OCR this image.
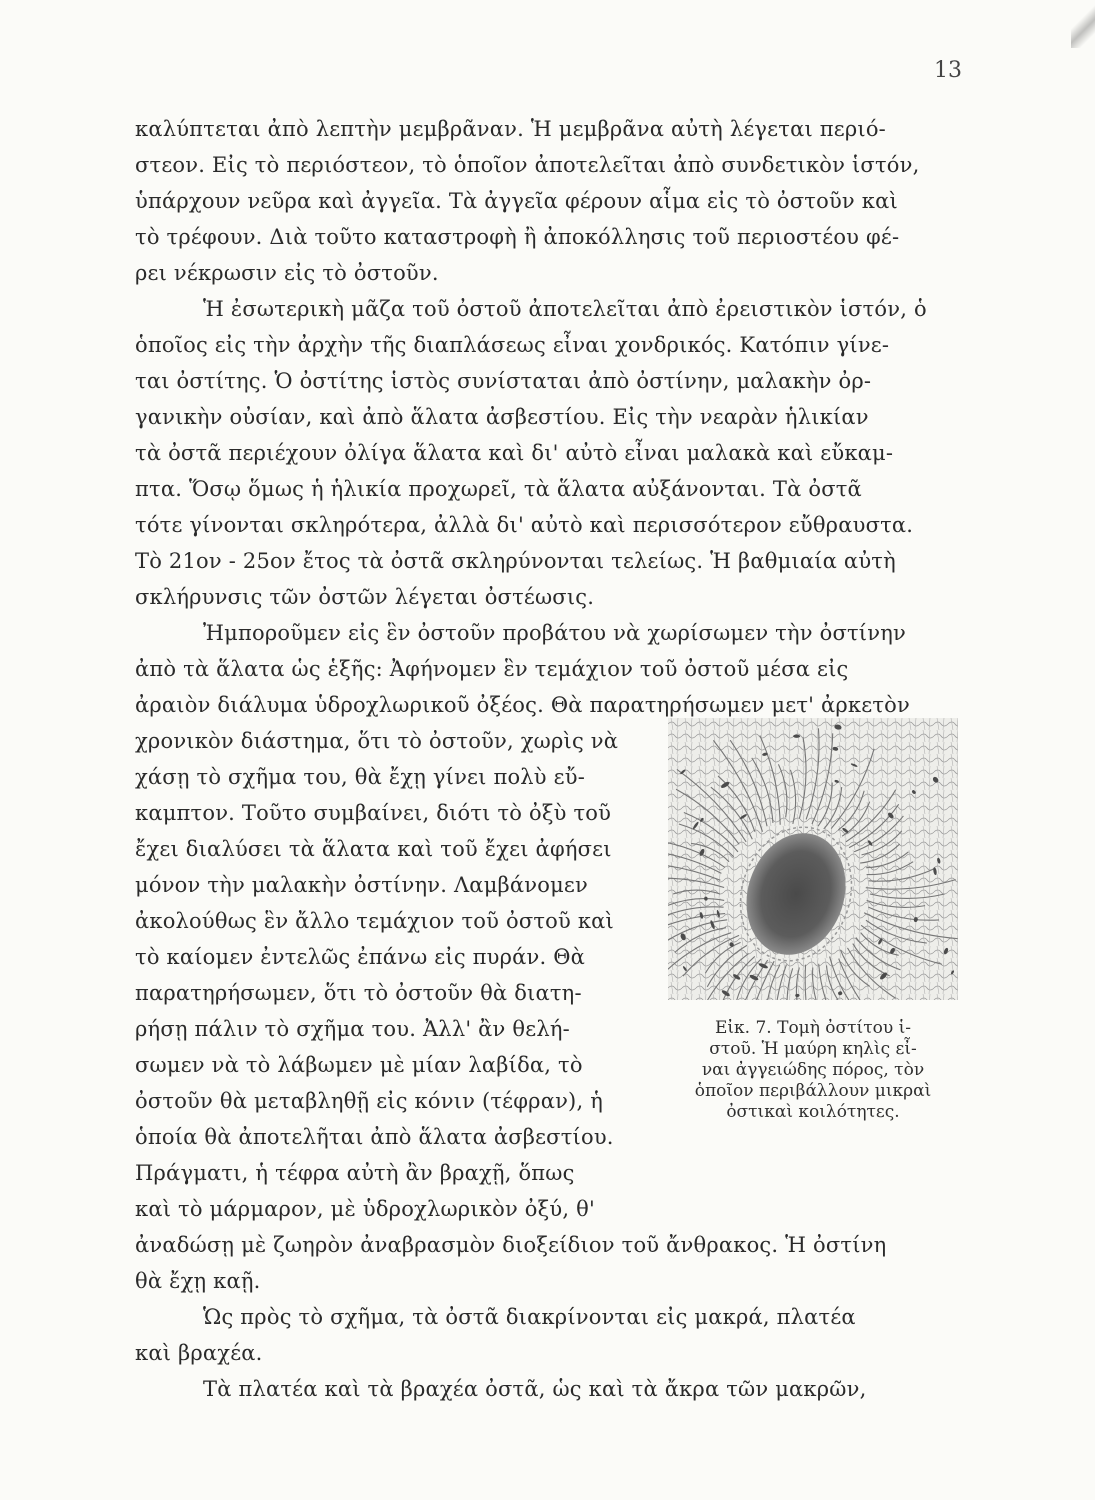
13
καλύπτεται ἀπὸ λεπτὴν μεμβρᾶναν. Ἡ μεμβρᾶνα αὐτὴ λέγεται περιό-
στεον. Εἰς τὸ περιόστεον, τὸ ὁποῖον ἀποτελεῖται ἀπὸ συνδετικὸν ἱστόν,
ὑπάρχουν νεῦρα καὶ ἀγγεῖα. Τὰ ἀγγεῖα φέρουν αἷμα εἰς τὸ ὀστοῦν καὶ
τὸ τρέφουν. Διὰ τοῦτο καταστροφὴ ἢ ἀποκόλλησις τοῦ περιοστέου φέ-
ρει νέκρωσιν εἰς τὸ ὀστοῦν.
Ἡ ἐσωτερικὴ μᾶζα τοῦ ὀστοῦ ἀποτελεῖται ἀπὸ ἐρειστικὸν ἱστόν, ὁ
ὁποῖος εἰς τὴν ἀρχὴν τῆς διαπλάσεως εἶναι χονδρικός. Κατόπιν γίνε-
ται ὀστίτης. Ὁ ὀστίτης ἱστὸς συνίσταται ἀπὸ ὀστίνην, μαλακὴν ὀρ-
γανικὴν οὐσίαν, καὶ ἀπὸ ἅλατα ἀσβεστίου. Εἰς τὴν νεαρὰν ἡλικίαν
τὰ ὀστᾶ περιέχουν ὀλίγα ἅλατα καὶ δι' αὐτὸ εἶναι μαλακὰ καὶ εὔκαμ-
πτα. Ὅσῳ ὅμως ἡ ἡλικία προχωρεῖ, τὰ ἅλατα αὐξάνονται. Τὰ ὀστᾶ
τότε γίνονται σκληρότερα, ἀλλὰ δι' αὐτὸ καὶ περισσότερον εὔθραυστα.
Τὸ 21ον - 25ον ἔτος τὰ ὀστᾶ σκληρύνονται τελείως. Ἡ βαθμιαία αὐτὴ
σκλήρυνσις τῶν ὀστῶν λέγεται ὀστέωσις.
Ἠμποροῦμεν εἰς ἓν ὀστοῦν προβάτου νὰ χωρίσωμεν τὴν ὀστίνην
ἀπὸ τὰ ἅλατα ὡς ἑξῆς: Ἀφήνομεν ἓν τεμάχιον τοῦ ὀστοῦ μέσα εἰς
ἀραιὸν διάλυμα ὑδροχλωρικοῦ ὀξέος. Θὰ παρατηρήσωμεν μετ' ἀρκετὸν
χρονικὸν διάστημα, ὅτι τὸ ὀστοῦν, χωρὶς νὰ
χάσῃ τὸ σχῆμα του, θὰ ἔχῃ γίνει πολὺ εὔ-
καμπτον. Τοῦτο συμβαίνει, διότι τὸ ὀξὺ τοῦ
ἔχει διαλύσει τὰ ἅλατα καὶ τοῦ ἔχει ἀφήσει
μόνον τὴν μαλακὴν ὀστίνην. Λαμβάνομεν
ἀκολούθως ἓν ἄλλο τεμάχιον τοῦ ὀστοῦ καὶ
τὸ καίομεν ἐντελῶς ἐπάνω εἰς πυράν. Θὰ
παρατηρήσωμεν, ὅτι τὸ ὀστοῦν θὰ διατη-
ρήσῃ πάλιν τὸ σχῆμα του. Ἀλλ' ἂν θελή-
σωμεν νὰ τὸ λάβωμεν μὲ μίαν λαβίδα, τὸ
ὀστοῦν θὰ μεταβληθῇ εἰς κόνιν (τέφραν), ἡ
ὁποία θὰ ἀποτελῆται ἀπὸ ἅλατα ἀσβεστίου.
Πράγματι, ἡ τέφρα αὐτὴ ἂν βραχῇ, ὅπως
καὶ τὸ μάρμαρον, μὲ ὑδροχλωρικὸν ὀξύ, θ'
ἀναδώσῃ μὲ ζωηρὸν ἀναβρασμὸν διοξείδιον τοῦ ἄνθρακος. Ἡ ὀστίνη
θὰ ἔχῃ καῇ.
Ὡς πρὸς τὸ σχῆμα, τὰ ὀστᾶ διακρίνονται εἰς μακρά, πλατέα
καὶ βραχέα.
Τὰ πλατέα καὶ τὰ βραχέα ὀστᾶ, ὡς καὶ τὰ ἄκρα τῶν μακρῶν,
Εἰκ. 7. Τομὴ ὀστίτου ἱ-
στοῦ. Ἡ μαύρη κηλὶς εἶ-
ναι ἀγγειώδης πόρος, τὸν
ὁποῖον περιβάλλουν μικραὶ
ὀστικαὶ κοιλότητες.
